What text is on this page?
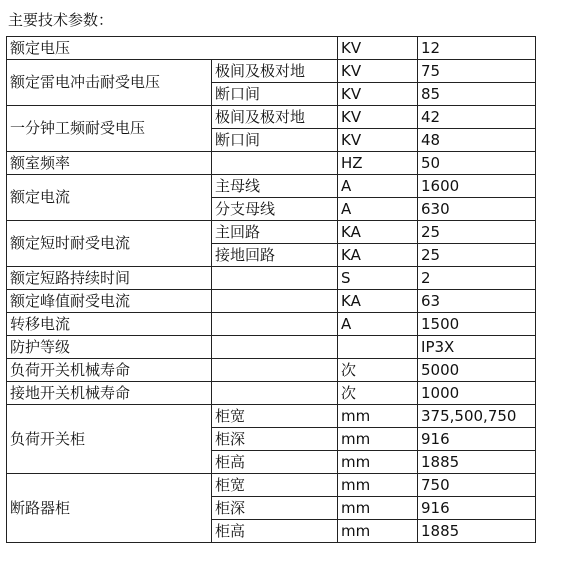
主要技术参数：
额定电压		KV	12
额定雷电冲击耐受电压	极间及极对地	KV	75
	断口间	KV	85
一分钟工频耐受电压	极间及极对地	KV	42
	断口间	KV	48
额室频率		HZ	50
额定电流	主母线	A	1600
	分支母线	A	630
额定短时耐受电流	主回路	KA	25
	接地回路	KA	25
额定短路持续时间		S	2
额定峰值耐受电流		KA	63
转移电流		A	1500
防护等级			IP3X
负荷开关机械寿命		次	5000
接地开关机械寿命		次	1000
负荷开关柜	柜宽	mm	375,500,750
	柜深	mm	916
	柜高	mm	1885
断路器柜	柜宽	mm	750
	柜深	mm	916
	柜高	mm	1885
